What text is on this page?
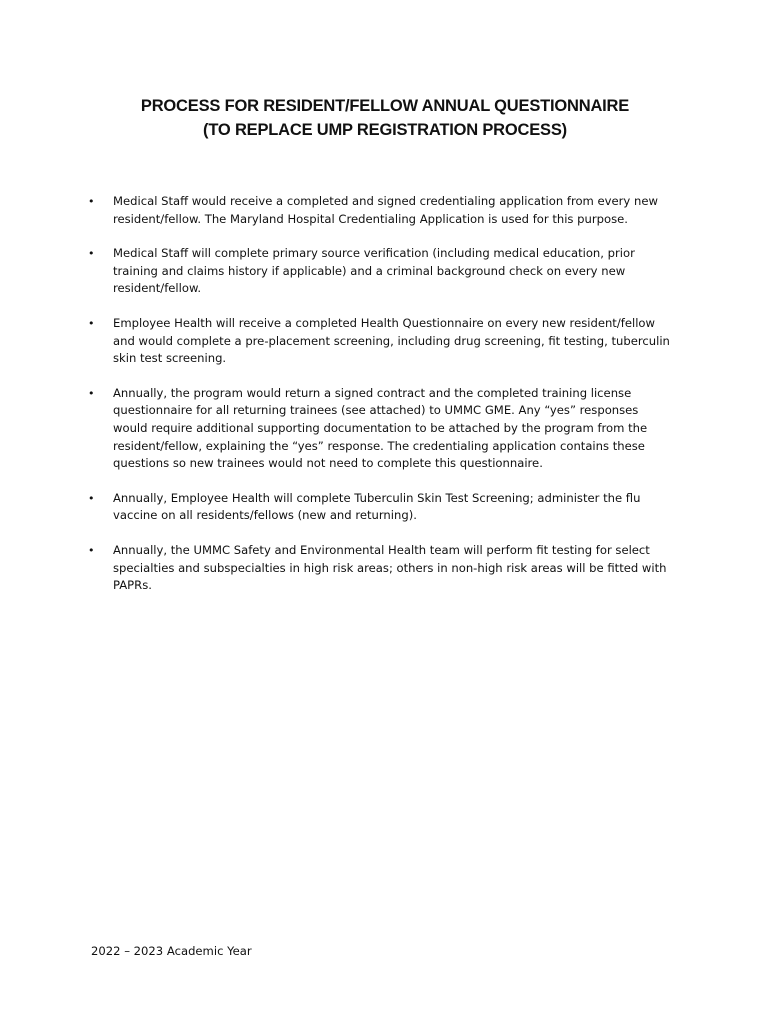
PROCESS FOR RESIDENT/FELLOW ANNUAL QUESTIONNAIRE
(TO REPLACE UMP REGISTRATION PROCESS)
• Medical Staff would receive a completed and signed credentialing application from every new resident/fellow. The Maryland Hospital Credentialing Application is used for this purpose.
• Medical Staff will complete primary source verification (including medical education, prior training and claims history if applicable) and a criminal background check on every new resident/fellow.
• Employee Health will receive a completed Health Questionnaire on every new resident/fellow and would complete a pre-placement screening, including drug screening, fit testing, tuberculin skin test screening.
• Annually, the program would return a signed contract and the completed training license questionnaire for all returning trainees (see attached) to UMMC GME. Any “yes” responses would require additional supporting documentation to be attached by the program from the resident/fellow, explaining the “yes” response. The credentialing application contains these questions so new trainees would not need to complete this questionnaire.
• Annually, Employee Health will complete Tuberculin Skin Test Screening; administer the flu vaccine on all residents/fellows (new and returning).
• Annually, the UMMC Safety and Environmental Health team will perform fit testing for select specialties and subspecialties in high risk areas; others in non-high risk areas will be fitted with PAPRs.
2022 – 2023 Academic Year
